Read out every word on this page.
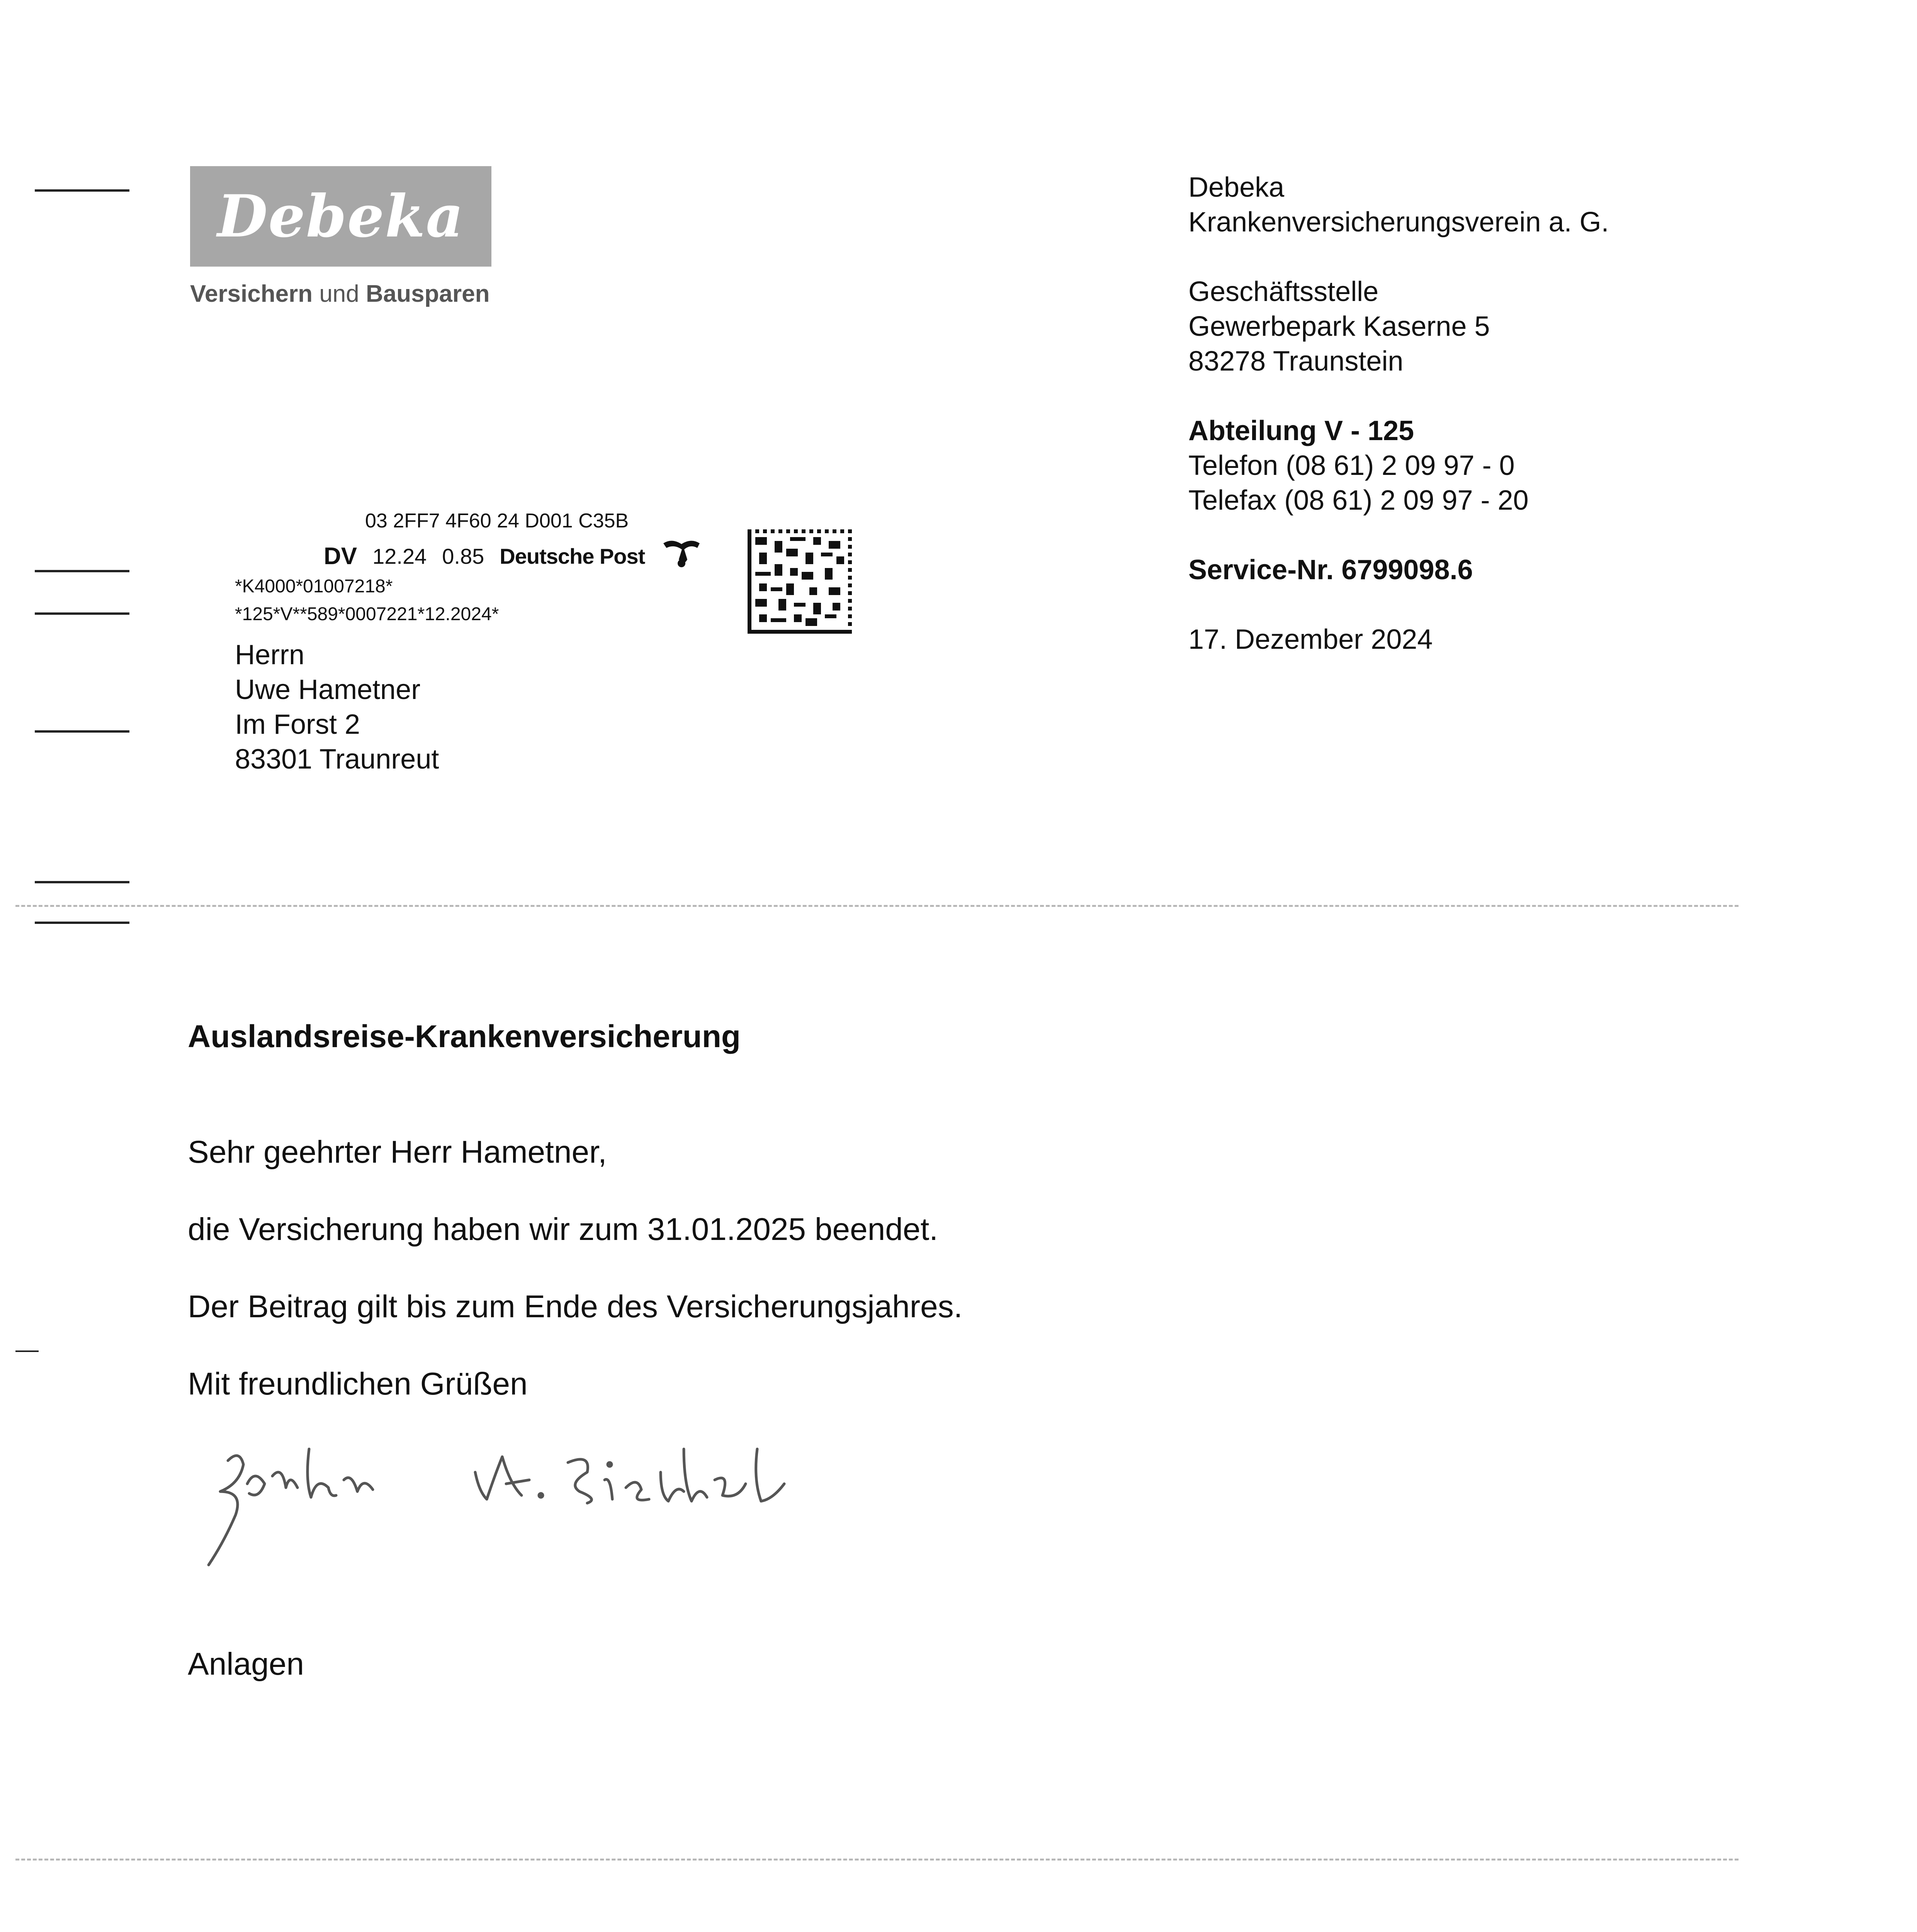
Debeka
Versichern und Bausparen
03 2FF7 4F60 24 D001 C35B
DV 12.24 0.85 Deutsche Post
*K4000*01007218*
*125*V**589*0007221*12.2024*
Herrn
Uwe Hametner
Im Forst 2
83301 Traunreut
Debeka
Krankenversicherungsverein a. G.
Geschäftsstelle
Gewerbepark Kaserne 5
83278 Traunstein
Abteilung V - 125
Telefon (08 61) 2 09 97 - 0
Telefax (08 61) 2 09 97 - 20
Service-Nr. 6799098.6
17. Dezember 2024
Auslandsreise-Krankenversicherung
Sehr geehrter Herr Hametner,
die Versicherung haben wir zum 31.01.2025 beendet.
Der Beitrag gilt bis zum Ende des Versicherungsjahres.
Mit freundlichen Grüßen
Anlagen
